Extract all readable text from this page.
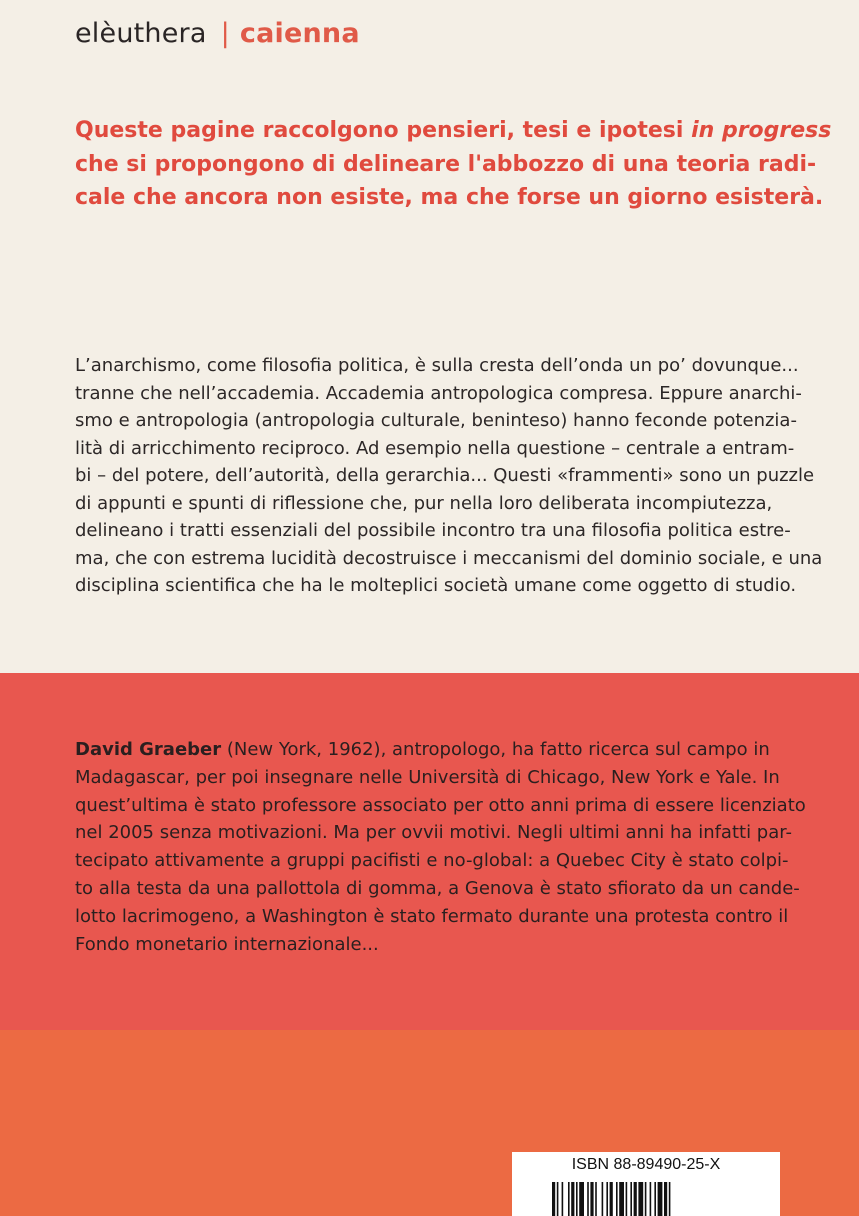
elèuthera | caienna

Queste pagine raccolgono pensieri, tesi e ipotesi in progress

che si propongono di delineare l'abbozzo di una teoria radi-

cale che ancora non esiste, ma che forse un giorno esisterà.

L’anarchismo, come filosofia politica, è sulla cresta dell’onda un po’ dovunque...

tranne che nell’accademia. Accademia antropologica compresa. Eppure anarchi-

smo e antropologia (antropologia culturale, beninteso) hanno feconde potenzia-

lità di arricchimento reciproco. Ad esempio nella questione – centrale a entram-

bi – del potere, dell’autorità, della gerarchia... Questi «frammenti» sono un puzzle

di appunti e spunti di riflessione che, pur nella loro deliberata incompiutezza,

delineano i tratti essenziali del possibile incontro tra una filosofia politica estre-

ma, che con estrema lucidità decostruisce i meccanismi del dominio sociale, e una

disciplina scientifica che ha le molteplici società umane come oggetto di studio.

David Graeber (New York, 1962), antropologo, ha fatto ricerca sul campo in

Madagascar, per poi insegnare nelle Università di Chicago, New York e Yale. In

quest’ultima è stato professore associato per otto anni prima di essere licenziato

nel 2005 senza motivazioni. Ma per ovvii motivi. Negli ultimi anni ha infatti par-

tecipato attivamente a gruppi pacifisti e no-global: a Quebec City è stato colpi-

to alla testa da una pallottola di gomma, a Genova è stato sfiorato da un cande-

lotto lacrimogeno, a Washington è stato fermato durante una protesta contro il

Fondo monetario internazionale...

ISBN 88-89490-25-X
